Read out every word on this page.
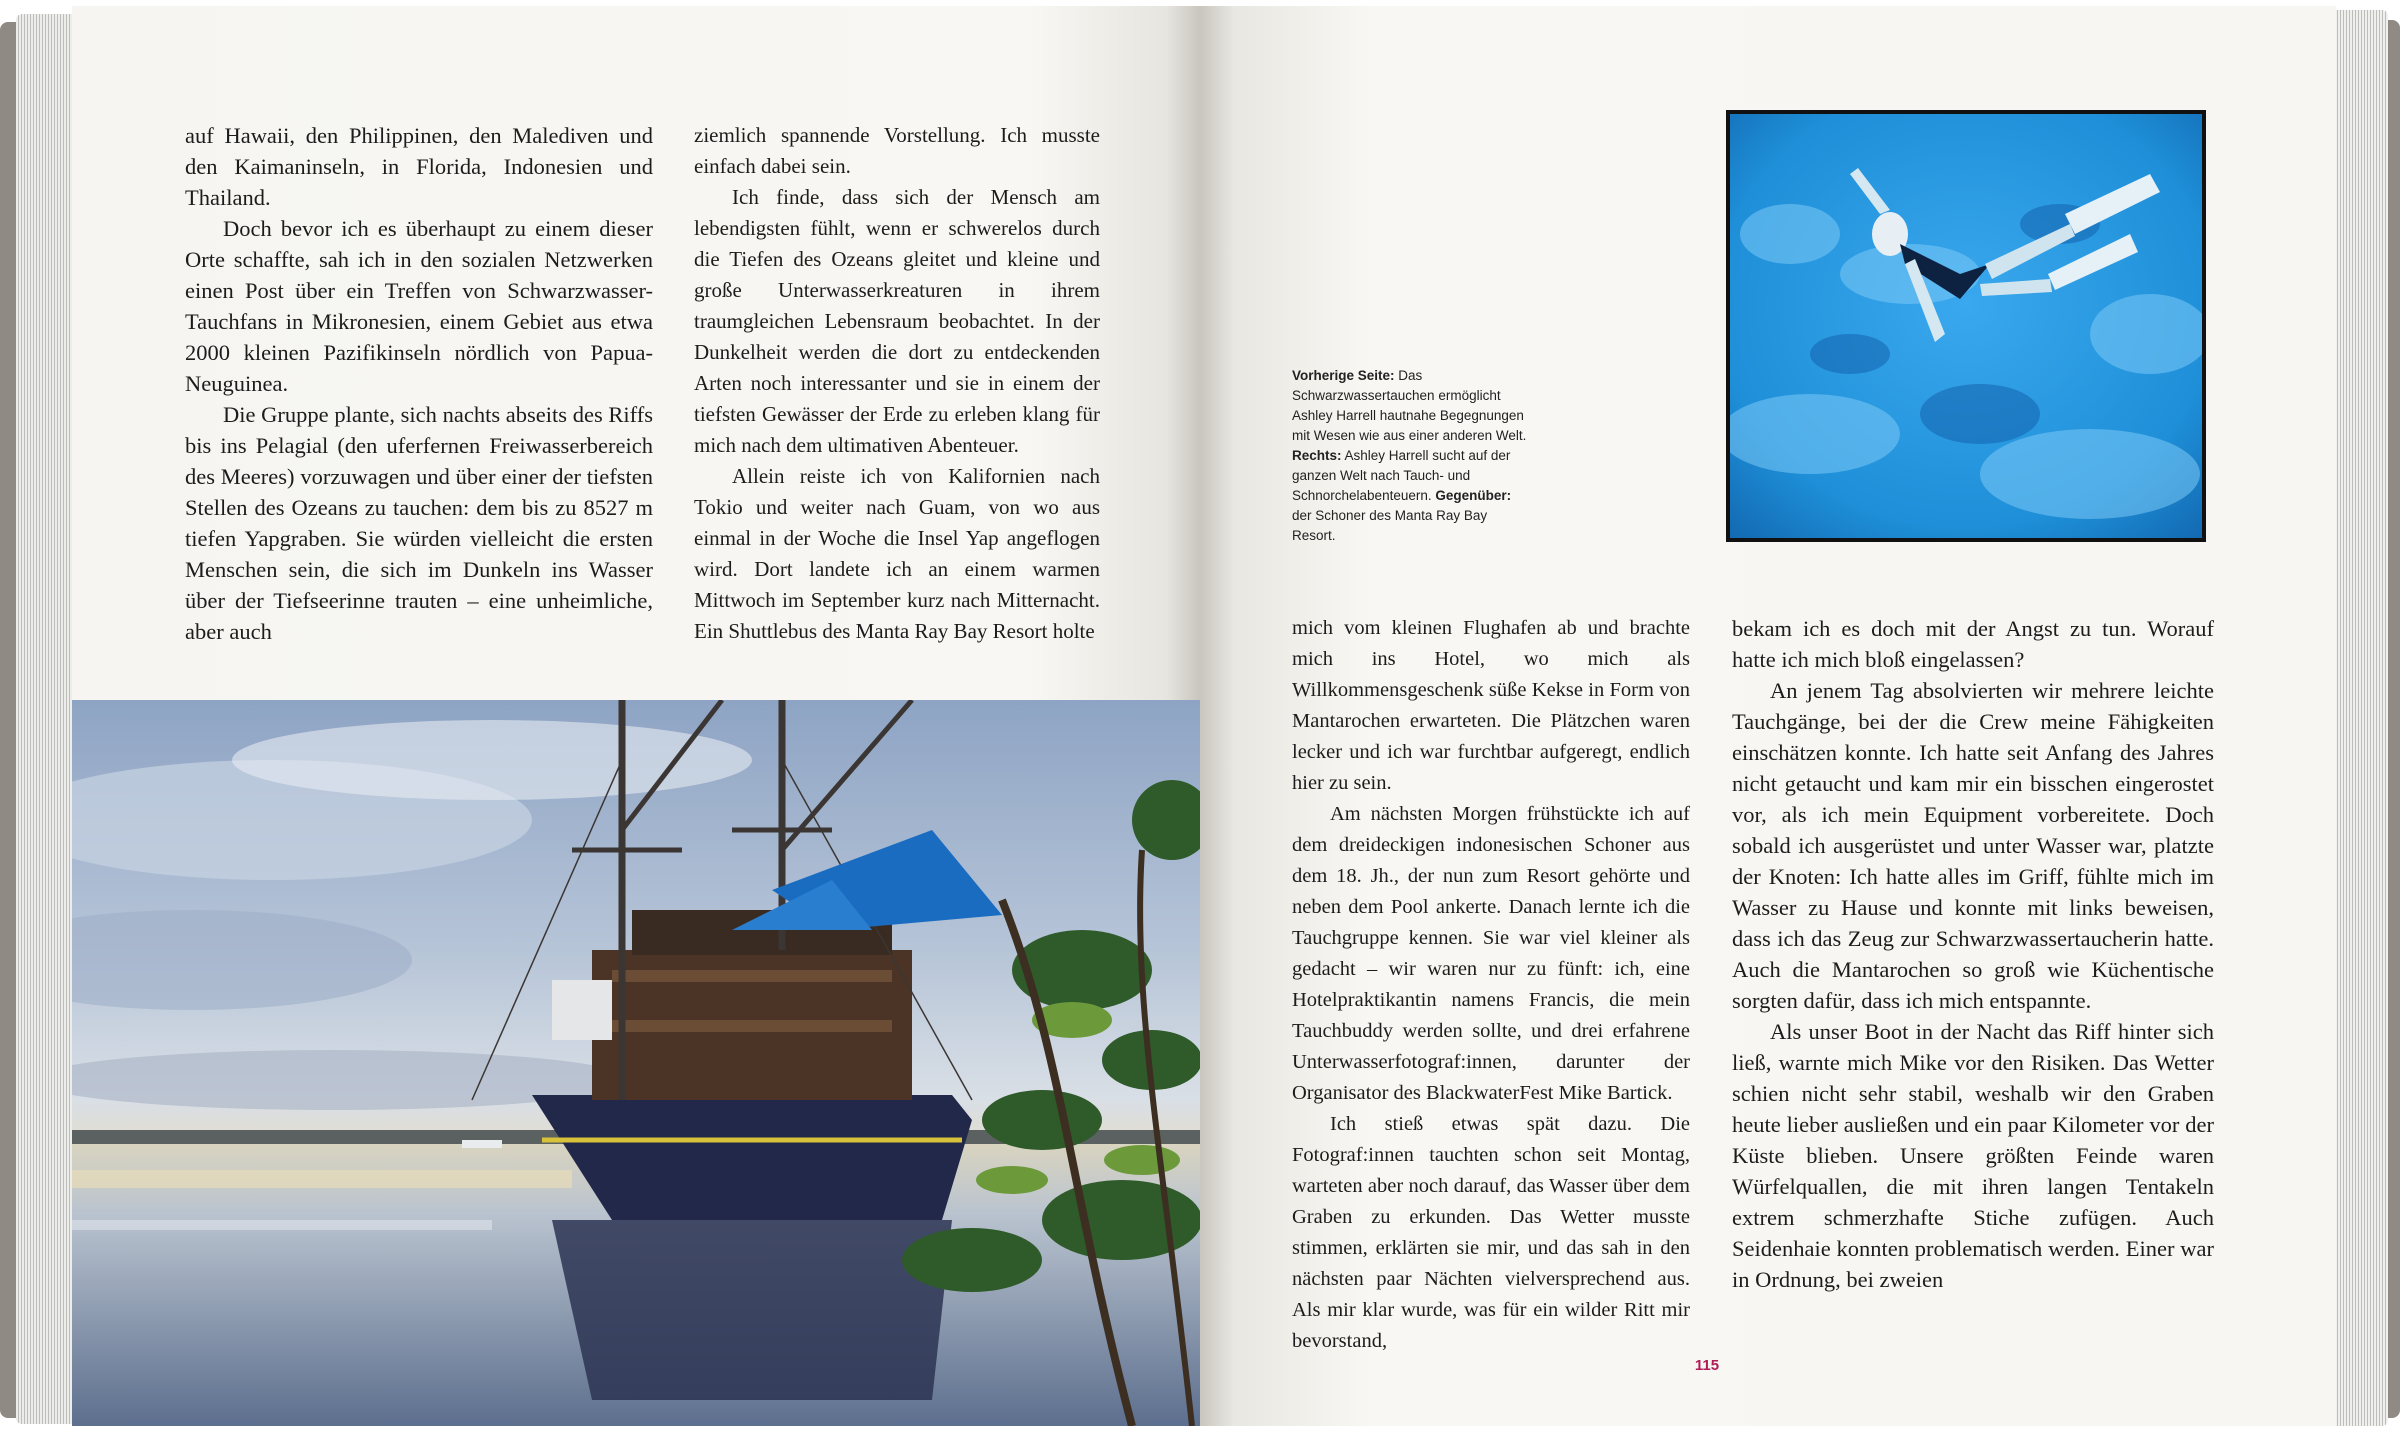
auf Hawaii, den Philippinen, den Malediven und den Kaimaninseln, in Florida, Indonesien und Thailand.

Doch bevor ich es überhaupt zu einem dieser Orte schaffte, sah ich in den sozialen Netzwerken einen Post über ein Treffen von Schwarzwasser-Tauchfans in Mikronesien, einem Gebiet aus etwa 2000 kleinen Pazifikinseln nördlich von Papua-Neuguinea.

Die Gruppe plante, sich nachts abseits des Riffs bis ins Pelagial (den uferfernen Freiwasserbereich des Meeres) vorzuwagen und über einer der tiefsten Stellen des Ozeans zu tauchen: dem bis zu 8527 m tiefen Yapgraben. Sie würden vielleicht die ersten Menschen sein, die sich im Dunkeln ins Wasser über der Tiefseerinne trauten – eine unheimliche, aber auch

ziemlich spannende Vorstellung. Ich musste einfach dabei sein.

Ich finde, dass sich der Mensch am lebendigsten fühlt, wenn er schwerelos durch die Tiefen des Ozeans gleitet und kleine und große Unterwasserkreaturen in ihrem traumgleichen Lebensraum beobachtet. In der Dunkelheit werden die dort zu entdeckenden Arten noch interessanter und sie in einem der tiefsten Gewässer der Erde zu erleben klang für mich nach dem ultimativen Abenteuer.

Allein reiste ich von Kalifornien nach Tokio und weiter nach Guam, von wo aus einmal in der Woche die Insel Yap angeflogen wird. Dort landete ich an einem warmen Mittwoch im September kurz nach Mitternacht. Ein Shuttlebus des Manta Ray Bay Resort holte

Vorherige Seite: Das Schwarzwassertauchen ermöglicht Ashley Harrell hautnahe Begegnungen mit Wesen wie aus einer anderen Welt. Rechts: Ashley Harrell sucht auf der ganzen Welt nach Tauch- und Schnorchelabenteuern. Gegenüber: der Schoner des Manta Ray Bay Resort.

mich vom kleinen Flughafen ab und brachte mich ins Hotel, wo mich als Willkommensgeschenk süße Kekse in Form von Mantarochen erwarteten. Die Plätzchen waren lecker und ich war furchtbar aufgeregt, endlich hier zu sein.

Am nächsten Morgen frühstückte ich auf dem dreideckigen indonesischen Schoner aus dem 18. Jh., der nun zum Resort gehörte und neben dem Pool ankerte. Danach lernte ich die Tauchgruppe kennen. Sie war viel kleiner als gedacht – wir waren nur zu fünft: ich, eine Hotelpraktikantin namens Francis, die mein Tauchbuddy werden sollte, und drei erfahrene Unterwasserfotograf:innen, darunter der Organisator des BlackwaterFest Mike Bartick.

Ich stieß etwas spät dazu. Die Fotograf:innen tauchten schon seit Montag, warteten aber noch darauf, das Wasser über dem Graben zu erkunden. Das Wetter musste stimmen, erklärten sie mir, und das sah in den nächsten paar Nächten vielversprechend aus. Als mir klar wurde, was für ein wilder Ritt mir bevorstand,

bekam ich es doch mit der Angst zu tun. Worauf hatte ich mich bloß eingelassen?

An jenem Tag absolvierten wir mehrere leichte Tauchgänge, bei der die Crew meine Fähigkeiten einschätzen konnte. Ich hatte seit Anfang des Jahres nicht getaucht und kam mir ein bisschen eingerostet vor, als ich mein Equipment vorbereitete. Doch sobald ich ausgerüstet und unter Wasser war, platzte der Knoten: Ich hatte alles im Griff, fühlte mich im Wasser zu Hause und konnte mit links beweisen, dass ich das Zeug zur Schwarzwassertaucherin hatte. Auch die Mantarochen so groß wie Küchentische sorgten dafür, dass ich mich entspannte.

Als unser Boot in der Nacht das Riff hinter sich ließ, warnte mich Mike vor den Risiken. Das Wetter schien nicht sehr stabil, weshalb wir den Graben heute lieber ausließen und ein paar Kilometer vor der Küste blieben. Unsere größten Feinde waren Würfelquallen, die mit ihren langen Tentakeln extrem schmerzhafte Stiche zufügen. Auch Seidenhaie konnten problematisch werden. Einer war in Ordnung, bei zweien

115
